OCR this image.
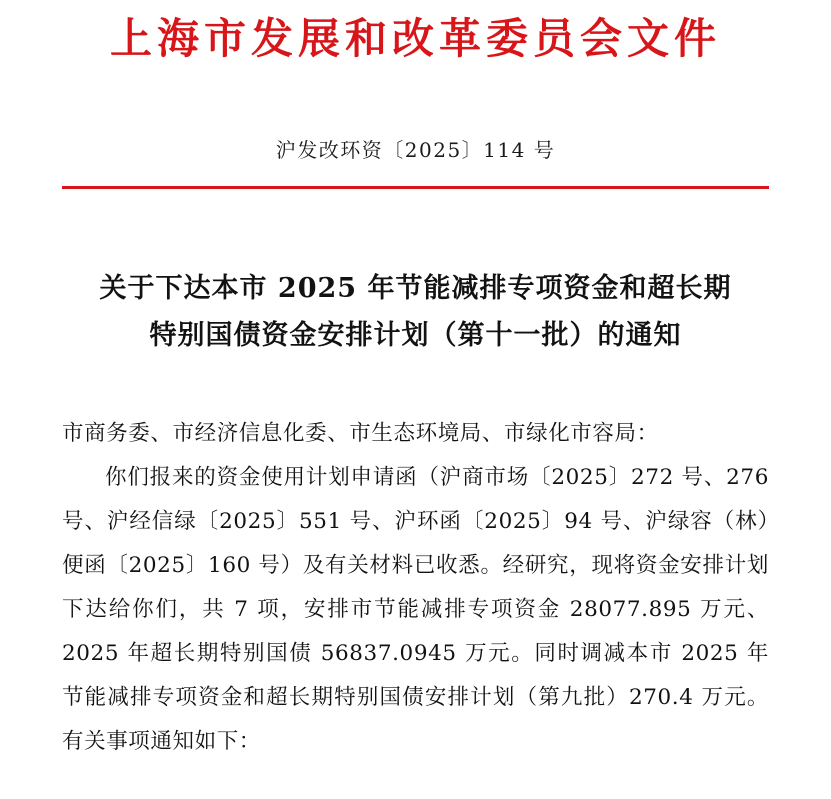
上海市发展和改革委员会文件
沪发改环资〔2025〕114 号
关于下达本市 2025 年节能减排专项资金和超长期
特别国债资金安排计划（第十一批）的通知

市商务委、市经济信息化委、市生态环境局、市绿化市容局：

你们报来的资金使用计划申请函（沪商市场〔2025〕272 号、276 号、沪经信绿〔2025〕551 号、沪环函〔2025〕94 号、沪绿容（林）便函〔2025〕160 号）及有关材料已收悉。经研究，现将资金安排计划下达给你们，共 7 项，安排市节能减排专项资金 28077.895 万元、2025 年超长期特别国债 56837.0945 万元。同时调减本市 2025 年节能减排专项资金和超长期特别国债安排计划（第九批）270.4 万元。有关事项通知如下：
